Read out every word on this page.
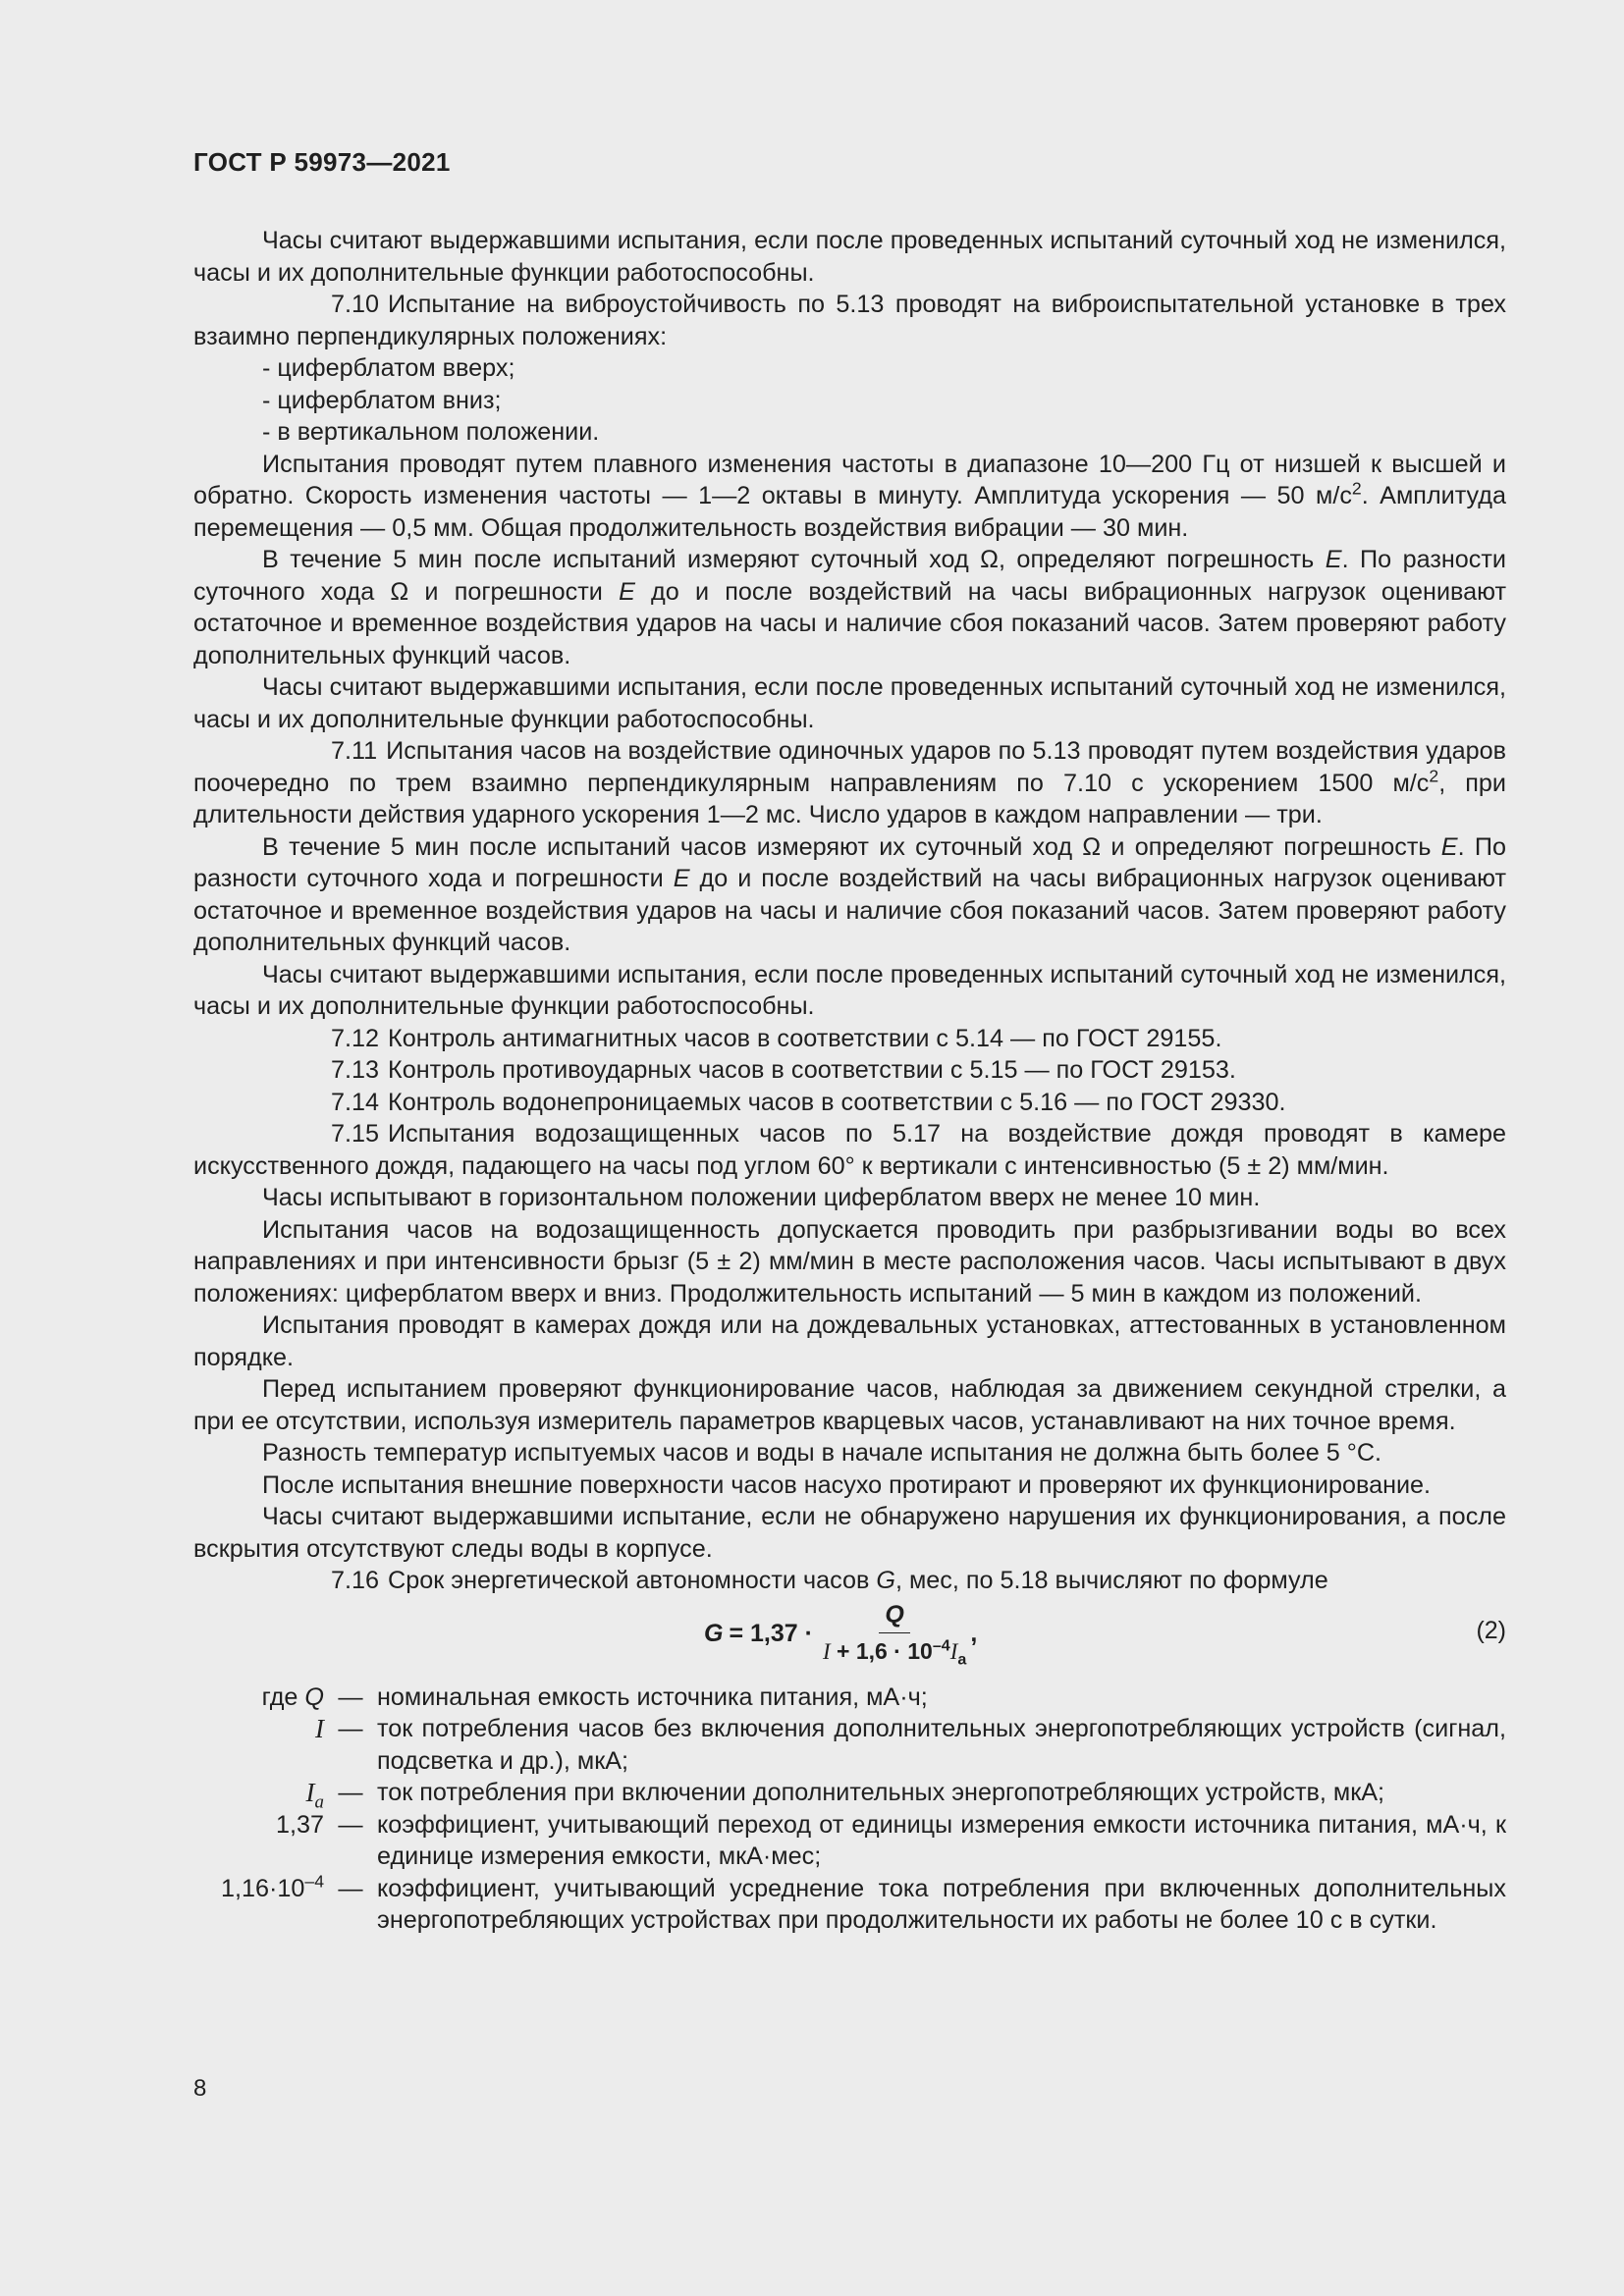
ГОСТ Р 59973—2021

Часы считают выдержавшими испытания, если после проведенных испытаний суточный ход не изменился, часы и их дополнительные функции работоспособны.

7.10 Испытание на виброустойчивость по 5.13 проводят на виброиспытательной установке в трех взаимно перпендикулярных положениях:

- циферблатом вверх;

- циферблатом вниз;

- в вертикальном положении.

Испытания проводят путем плавного изменения частоты в диапазоне 10—200 Гц от низшей к высшей и обратно. Скорость изменения частоты — 1—2 октавы в минуту. Амплитуда ускорения — 50 $м/с^2$. Амплитуда перемещения — 0,5 мм. Общая продолжительность воздействия вибрации — 30 мин.

В течение 5 мин после испытаний измеряют суточный ход Ω, определяют погрешность E. По разности суточного хода Ω и погрешности E до и после воздействий на часы вибрационных нагрузок оценивают остаточное и временное воздействия ударов на часы и наличие сбоя показаний часов. Затем проверяют работу дополнительных функций часов.

Часы считают выдержавшими испытания, если после проведенных испытаний суточный ход не изменился, часы и их дополнительные функции работоспособны.

7.11 Испытания часов на воздействие одиночных ударов по 5.13 проводят путем воздействия ударов поочередно по трем взаимно перпендикулярным направлениям по 7.10 с ускорением 1500 $м/с^2$, при длительности действия ударного ускорения 1—2 мс. Число ударов в каждом направлении — три.

В течение 5 мин после испытаний часов измеряют их суточный ход Ω и определяют погрешность E. По разности суточного хода и погрешности E до и после воздействий на часы вибрационных нагрузок оценивают остаточное и временное воздействия ударов на часы и наличие сбоя показаний часов. Затем проверяют работу дополнительных функций часов.

Часы считают выдержавшими испытания, если после проведенных испытаний суточный ход не изменился, часы и их дополнительные функции работоспособны.

7.12 Контроль антимагнитных часов в соответствии с 5.14 — по ГОСТ 29155.

7.13 Контроль противоударных часов в соответствии с 5.15 — по ГОСТ 29153.

7.14 Контроль водонепроницаемых часов в соответствии с 5.16 — по ГОСТ 29330.

7.15 Испытания водозащищенных часов по 5.17 на воздействие дождя проводят в камере искусственного дождя, падающего на часы под углом 60° к вертикали с интенсивностью (5 ± 2) мм/мин.

Часы испытывают в горизонтальном положении циферблатом вверх не менее 10 мин.

Испытания часов на водозащищенность допускается проводить при разбрызгивании воды во всех направлениях и при интенсивности брызг (5 ± 2) мм/мин в месте расположения часов. Часы испытывают в двух положениях: циферблатом вверх и вниз. Продолжительность испытаний — 5 мин в каждом из положений.

Испытания проводят в камерах дождя или на дождевальных установках, аттестованных в установленном порядке.

Перед испытанием проверяют функционирование часов, наблюдая за движением секундной стрелки, а при ее отсутствии, используя измеритель параметров кварцевых часов, устанавливают на них точное время.

Разность температур испытуемых часов и воды в начале испытания не должна быть более 5 °C.

После испытания внешние поверхности часов насухо протирают и проверяют их функционирование.

Часы считают выдержавшими испытание, если не обнаружено нарушения их функционирования, а после вскрытия отсутствуют следы воды в корпусе.

7.16 Срок энергетической автономности часов G, мес, по 5.18 вычисляют по формуле

$G = 1,37 \cdot \frac{Q}{I + 1,6 \cdot 10^{-4}I_a}$ ,	(2)
где Q — номинальная емкость источника питания, мА·ч;
I — ток потребления часов без включения дополнительных энергопотребляющих устройств (сигнал, подсветка и др.), мкА;
$I_a$ — ток потребления при включении дополнительных энергопотребляющих устройств, мкА;
1,37 — коэффициент, учитывающий переход от единицы измерения емкости источника питания, мА·ч, к единице измерения емкости, мкА·мес;
$1,16\cdot 10^{-4}$ — коэффициент, учитывающий усреднение тока потребления при включенных дополнительных энергопотребляющих устройствах при продолжительности их работы не более 10 с в сутки.
8
